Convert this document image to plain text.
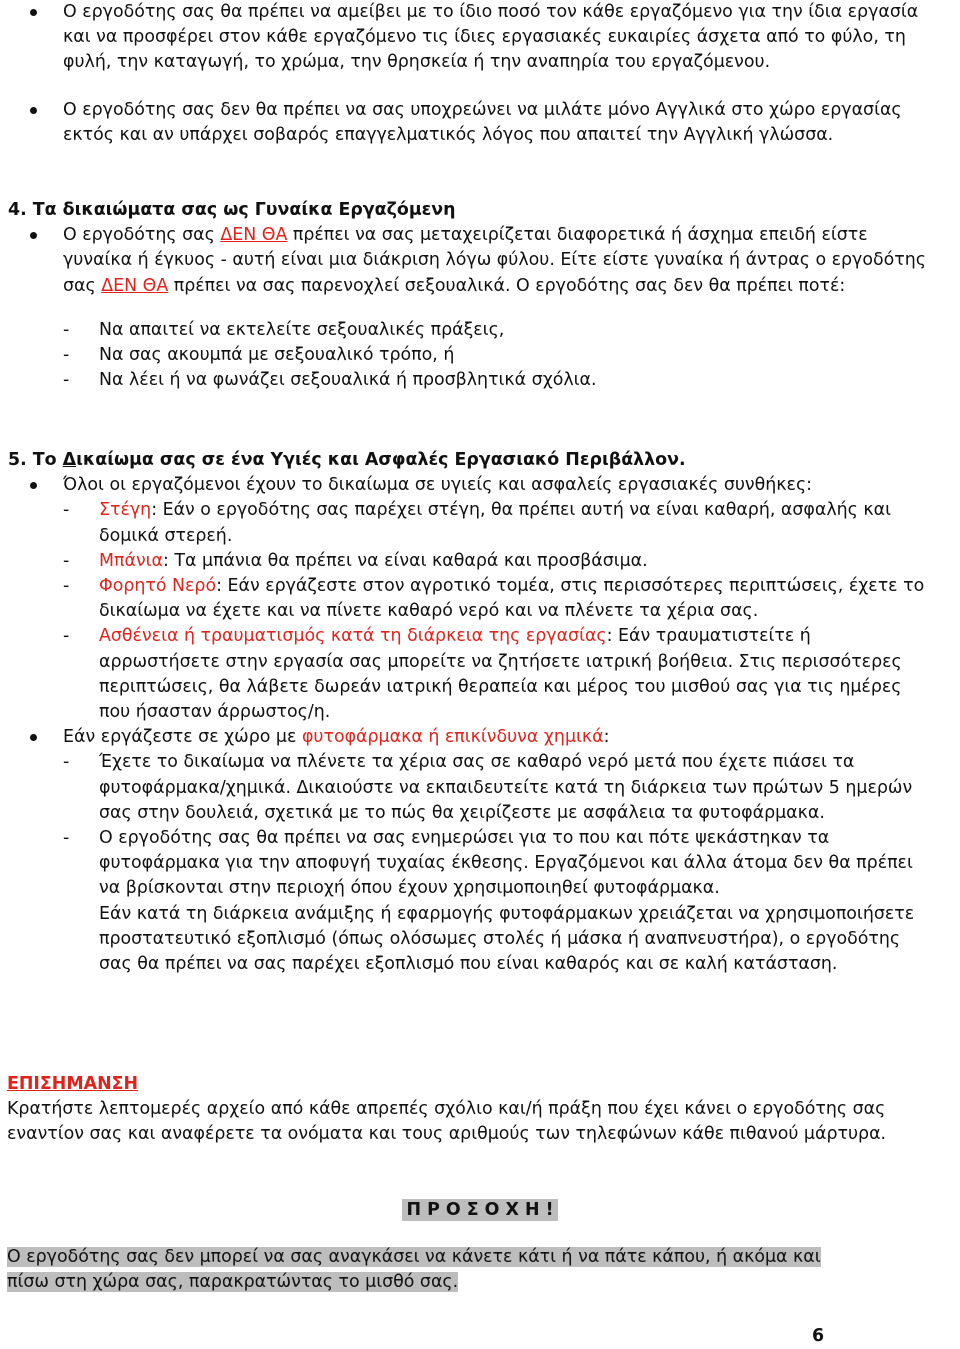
Ο εργοδότης σας θα πρέπει να αμείβει με το ίδιο ποσό τον κάθε εργαζόμενο για την ίδια εργασία και να προσφέρει στον κάθε εργαζόμενο τις ίδιες εργασιακές ευκαιρίες άσχετα από το φύλο, τη φυλή, την καταγωγή, το χρώμα, την θρησκεία ή την αναπηρία του εργαζόμενου.

Ο εργοδότης σας δεν θα πρέπει να σας υποχρεώνει να μιλάτε μόνο Αγγλικά στο χώρο εργασίας εκτός και αν υπάρχει σοβαρός επαγγελματικός λόγος που απαιτεί την Αγγλική γλώσσα.

4. Τα δικαιώματα σας ως Γυναίκα Εργαζόμενη

Ο εργοδότης σας ΔΕΝ ΘΑ πρέπει να σας μεταχειρίζεται διαφορετικά ή άσχημα επειδή είστε γυναίκα ή έγκυος - αυτή είναι μια διάκριση λόγω φύλου. Είτε είστε γυναίκα ή άντρας ο εργοδότης σας ΔΕΝ ΘΑ πρέπει να σας παρενοχλεί σεξουαλικά. Ο εργοδότης σας δεν θα πρέπει ποτέ:

- Να απαιτεί να εκτελείτε σεξουαλικές πράξεις,
- Να σας ακουμπά με σεξουαλικό τρόπο, ή
- Να λέει ή να φωνάζει σεξουαλικά ή προσβλητικά σχόλια.

5. Το Δικαίωμα σας σε ένα Υγιές και Ασφαλές Εργασιακό Περιβάλλον.

Όλοι οι εργαζόμενοι έχουν το δικαίωμα σε υγιείς και ασφαλείς εργασιακές συνθήκες:

- Στέγη: Εάν ο εργοδότης σας παρέχει στέγη, θα πρέπει αυτή να είναι καθαρή, ασφαλής και δομικά στερεή.
- Μπάνια: Τα μπάνια θα πρέπει να είναι καθαρά και προσβάσιμα.
- Φορητό Νερό: Εάν εργάζεστε στον αγροτικό τομέα, στις περισσότερες περιπτώσεις, έχετε το δικαίωμα να έχετε και να πίνετε καθαρό νερό και να πλένετε τα χέρια σας.
- Ασθένεια ή τραυματισμός κατά τη διάρκεια της εργασίας: Εάν τραυματιστείτε ή αρρωστήσετε στην εργασία σας μπορείτε να ζητήσετε ιατρική βοήθεια. Στις περισσότερες περιπτώσεις, θα λάβετε δωρεάν ιατρική θεραπεία και μέρος του μισθού σας για τις ημέρες που ήσασταν άρρωστος/η.

Εάν εργάζεστε σε χώρο με φυτοφάρμακα ή επικίνδυνα χημικά:

- Έχετε το δικαίωμα να πλένετε τα χέρια σας σε καθαρό νερό μετά που έχετε πιάσει τα φυτοφάρμακα/χημικά. Δικαιούστε να εκπαιδευτείτε κατά τη διάρκεια των πρώτων 5 ημερών σας στην δουλειά, σχετικά με το πώς θα χειρίζεστε με ασφάλεια τα φυτοφάρμακα.
- Ο εργοδότης σας θα πρέπει να σας ενημερώσει για το που και πότε ψεκάστηκαν τα φυτοφάρμακα για την αποφυγή τυχαίας έκθεσης. Εργαζόμενοι και άλλα άτομα δεν θα πρέπει να βρίσκονται στην περιοχή όπου έχουν χρησιμοποιηθεί φυτοφάρμακα.

Εάν κατά τη διάρκεια ανάμιξης ή εφαρμογής φυτοφάρμακων χρειάζεται να χρησιμοποιήσετε προστατευτικό εξοπλισμό (όπως ολόσωμες στολές ή μάσκα ή αναπνευστήρα), ο εργοδότης σας θα πρέπει να σας παρέχει εξοπλισμό που είναι καθαρός και σε καλή κατάσταση.

ΕΠΙΣΗΜΑΝΣΗ

Κρατήστε λεπτομερές αρχείο από κάθε απρεπές σχόλιο και/ή πράξη που έχει κάνει ο εργοδότης σας εναντίον σας και αναφέρετε τα ονόματα και τους αριθμούς των τηλεφώνων κάθε πιθανού μάρτυρα.

Π Ρ Ο Σ Ο Χ Η !
Ο εργοδότης σας δεν μπορεί να σας αναγκάσει να κάνετε κάτι ή να πάτε κάπου, ή ακόμα και
πίσω στη χώρα σας, παρακρατώντας το μισθό σας.
6
